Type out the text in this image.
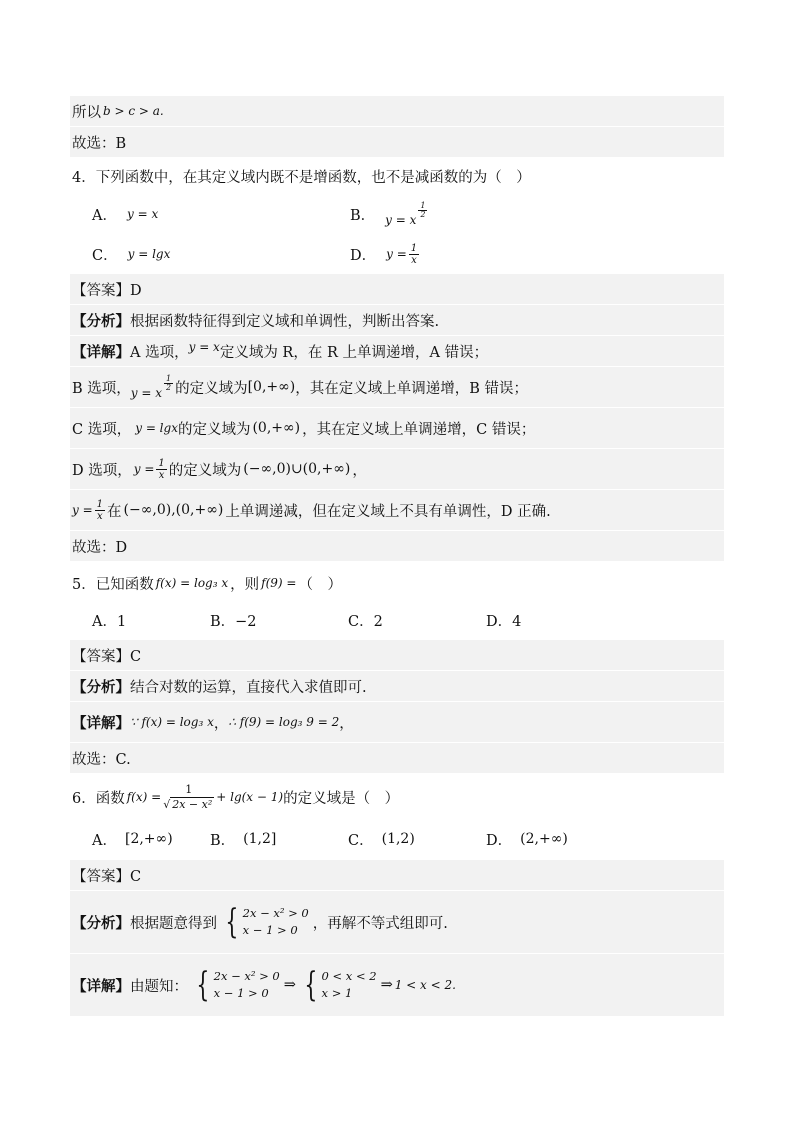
所以 b > c > a.
故选：B
4．下列函数中，在其定义域内既不是增函数，也不是减函数的为（　）
A． y = x	B． y = x
$\frac{1}{2}$
C． y = lgx	D． $y = \frac{1}{x}$
【答案】D
【分析】 根据函数特征得到定义域和单调性，判断出答案.
【详解】 A 选项， y = x 定义域为 R，在 R 上单调递增，A 错误；
B 选项， y = x
$\frac{1}{2}$ 的定义域为 [0,+∞) ，其在定义域上单调递增，B 错误；
C 选项， y = lgx 的定义域为 (0,+∞) ，其在定义域上单调递增，C 错误；
D 选项， $y = \frac{1}{x}$ 的定义域为 (−∞,0)∪(0,+∞) ，
$y = \frac{1}{x}$ 在 (−∞,0),(0,+∞) 上单调递减，但在定义域上不具有单调性，D 正确.
故选：D
5．已知函数 f(x) = log₃ x ，则 f(9) = （　）
A．1	B．−2	C．2	D．4
【答案】C
【分析】 结合对数的运算，直接代入求值即可.
【详解】 ∵ f(x) = log₃ x ， ∴ f(9) = log₃ 9 = 2 ，
故选：C.
6．函数 $f(x) = \frac{1}{\text{√ 2x − x²}} + \lg(x - 1)$ 的定义域是（　）
A． [2,+∞)	B． (1,2]	C． (1,2)	D． (2,+∞)
【答案】C
【分析】 根据题意得到 { 2x − x² > 0
x − 1 > 0	，再解不等式组即可.
【详解】 由题知： { 2x − x² > 0
x − 1 > 0	⇒ { 0 < x < 2
x > 1	⇒ 1 < x < 2.
